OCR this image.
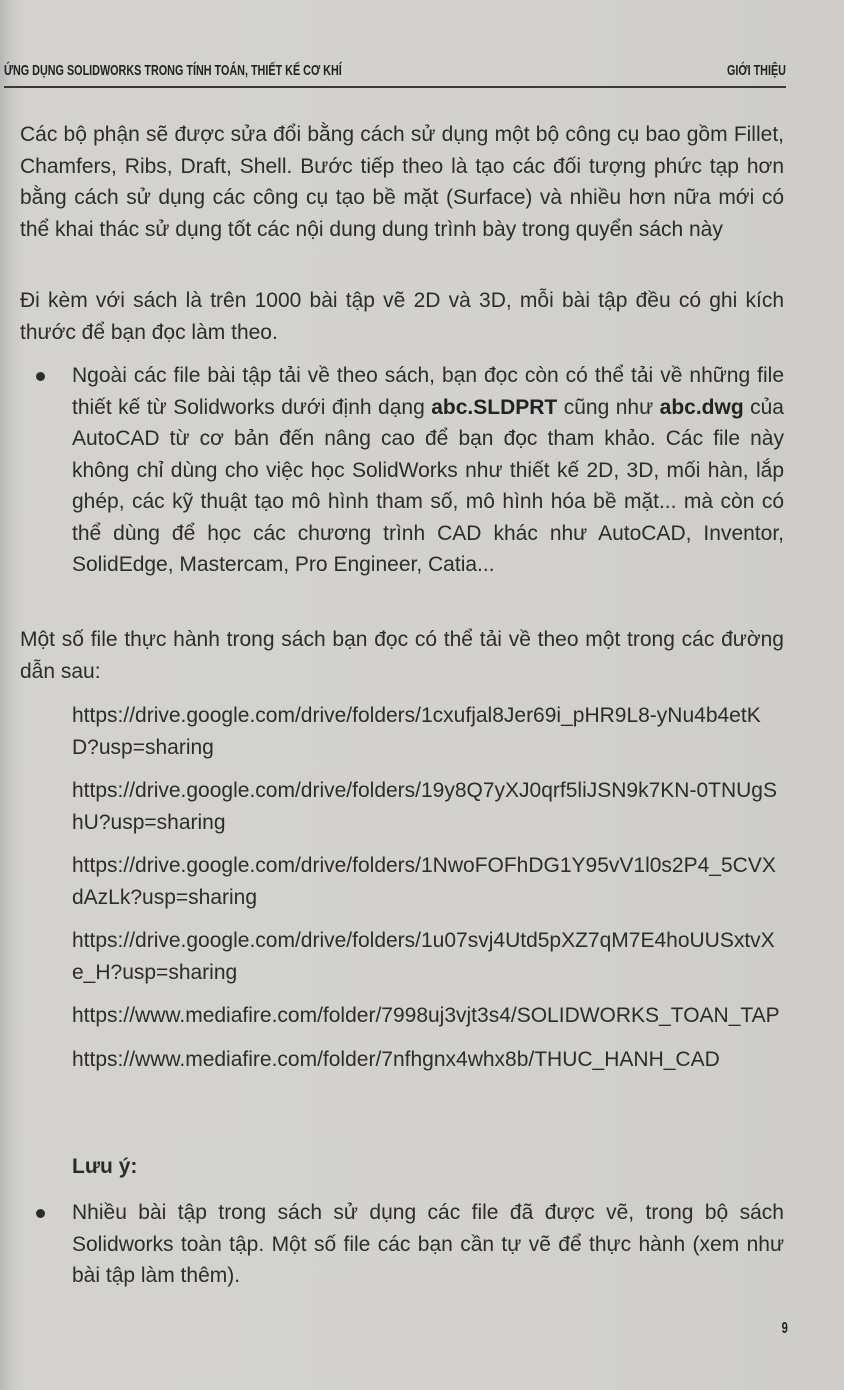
ỨNG DỤNG SOLIDWORKS TRONG TÍNH TOÁN, THIẾT KẾ CƠ KHÍ	GIỚI THIỆU
Các bộ phận sẽ được sửa đổi bằng cách sử dụng một bộ công cụ bao gồm Fillet, Chamfers, Ribs, Draft, Shell. Bước tiếp theo là tạo các đối tượng phức tạp hơn bằng cách sử dụng các công cụ tạo bề mặt (Surface) và nhiều hơn nữa mới có thể khai thác sử dụng tốt các nội dung dung trình bày trong quyển sách này
Đi kèm với sách là trên 1000 bài tập vẽ 2D và 3D, mỗi bài tập đều có ghi kích thước để bạn đọc làm theo.
Ngoài các file bài tập tải về theo sách, bạn đọc còn có thể tải về những file thiết kế từ Solidworks dưới định dạng abc.SLDPRT cũng như abc.dwg của AutoCAD từ cơ bản đến nâng cao để bạn đọc tham khảo. Các file này không chỉ dùng cho việc học SolidWorks như thiết kế 2D, 3D, mối hàn, lắp ghép, các kỹ thuật tạo mô hình tham số, mô hình hóa bề mặt... mà còn có thể dùng để học các chương trình CAD khác như AutoCAD, Inventor, SolidEdge, Mastercam, Pro Engineer, Catia...
Một số file thực hành trong sách bạn đọc có thể tải về theo một trong các đường dẫn sau:
https://drive.google.com/drive/folders/1cxufjal8Jer69i_pHR9L8-yNu4b4etKD?usp=sharing
https://drive.google.com/drive/folders/19y8Q7yXJ0qrf5liJSN9k7KN-0TNUgShU?usp=sharing
https://drive.google.com/drive/folders/1NwoFOFhDG1Y95vV1l0s2P4_5CVXdAzLk?usp=sharing
https://drive.google.com/drive/folders/1u07svj4Utd5pXZ7qM7E4hoUUSxtvXe_H?usp=sharing
https://www.mediafire.com/folder/7998uj3vjt3s4/SOLIDWORKS_TOAN_TAP
https://www.mediafire.com/folder/7nfhgnx4whx8b/THUC_HANH_CAD
Lưu ý:
Nhiều bài tập trong sách sử dụng các file đã được vẽ, trong bộ sách Solidworks toàn tập. Một số file các bạn cần tự vẽ để thực hành (xem như bài tập làm thêm).
9
